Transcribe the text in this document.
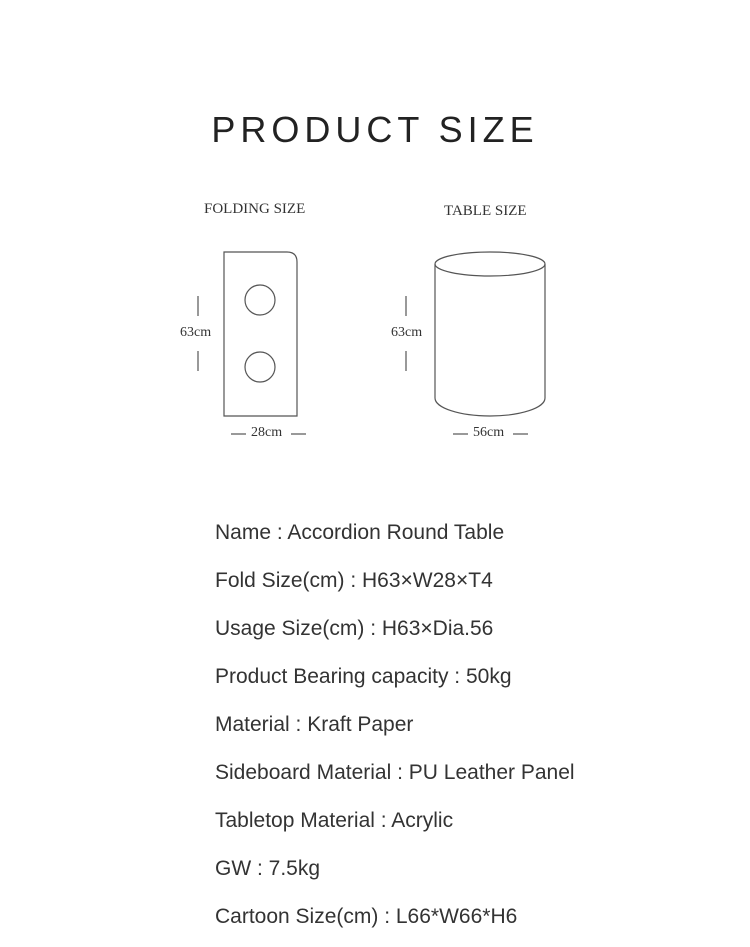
PRODUCT SIZE
FOLDING SIZE	TABLE SIZE
63cm
28cm
63cm
56cm
Name : Accordion Round Table
Fold Size(cm) : H63×W28×T4
Usage Size(cm) : H63×Dia.56
Product Bearing capacity : 50kg
Material : Kraft Paper
Sideboard Material : PU Leather Panel
Tabletop Material : Acrylic
GW : 7.5kg
Cartoon Size(cm) : L66*W66*H6
